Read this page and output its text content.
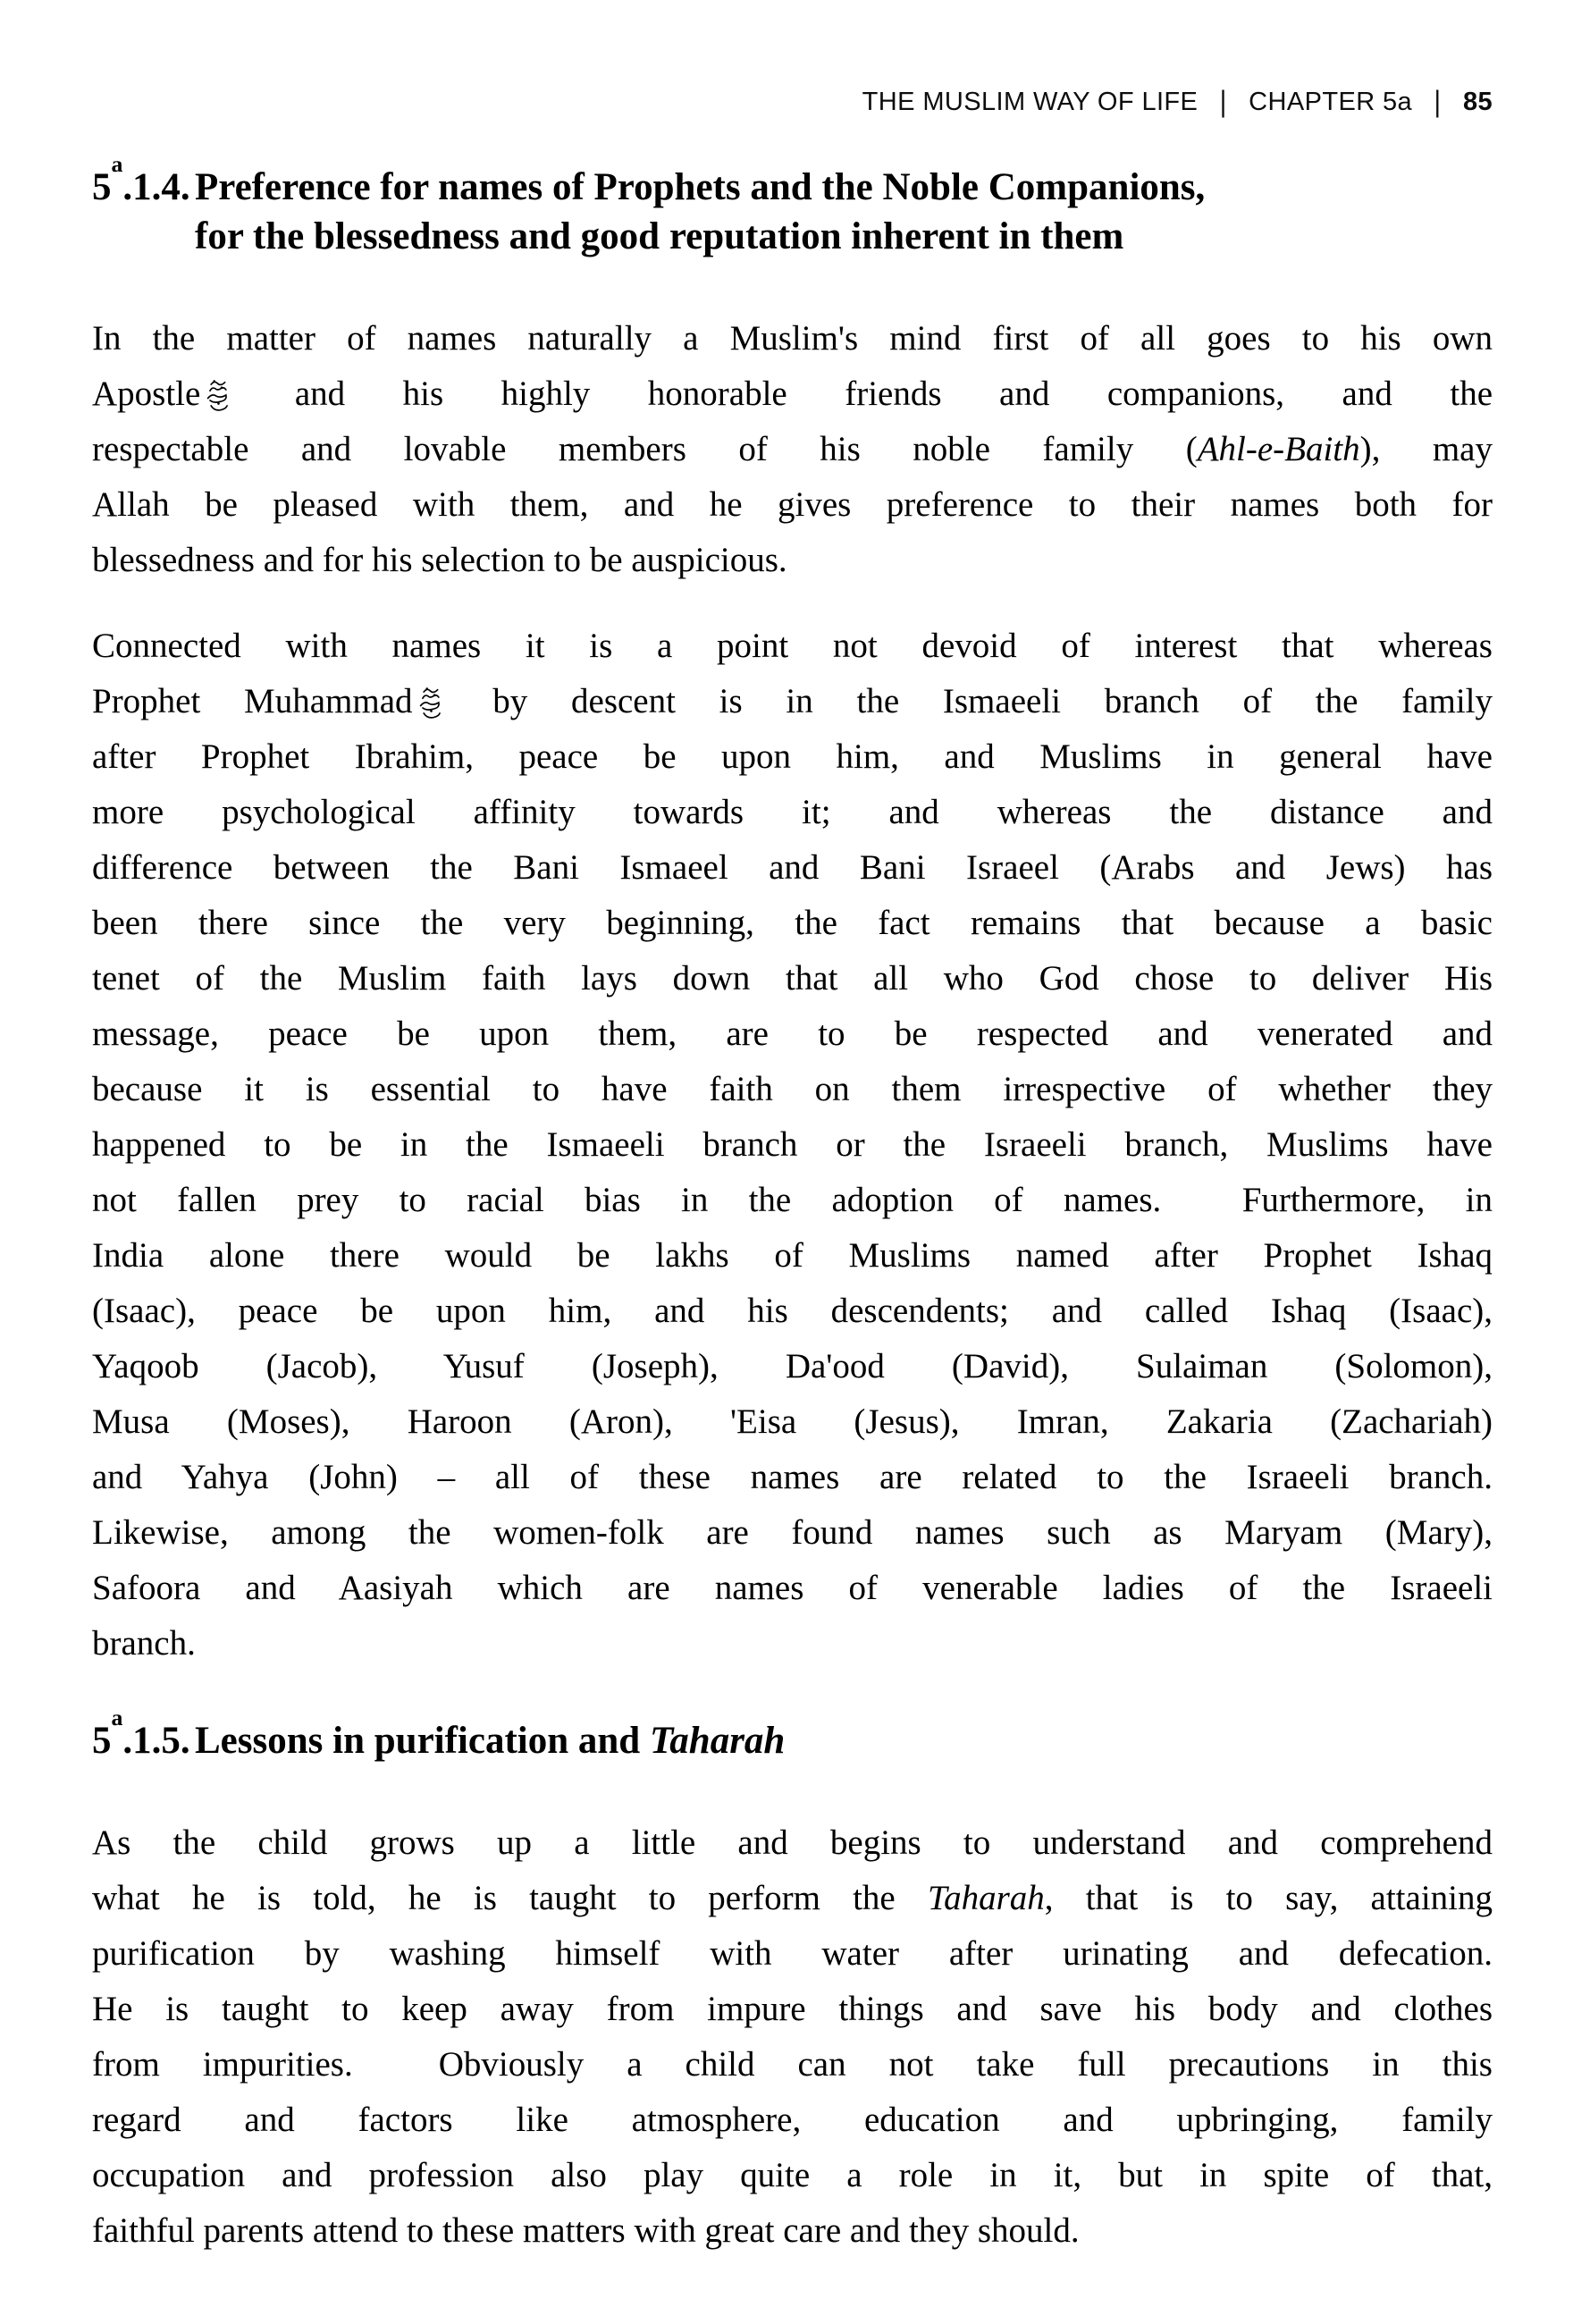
THE MUSLIM WAY OF LIFE | CHAPTER 5a | 85
5$^a$.1.4. Preference for names of Prophets and the Noble Companions,
for the blessedness and good reputation inherent in them

In the matter of names naturally a Muslim's mind first of all goes to his own
Apostle and his highly honorable friends and companions, and the
respectable and lovable members of his noble family (Ahl-e-Baith), may
Allah be pleased with them, and he gives preference to their names both for
blessedness and for his selection to be auspicious.

Connected with names it is a point not devoid of interest that whereas
Prophet Muhammad by descent is in the Ismaeeli branch of the family
after Prophet Ibrahim, peace be upon him, and Muslims in general have
more psychological affinity towards it; and whereas the distance and
difference between the Bani Ismaeel and Bani Israeel (Arabs and Jews) has
been there since the very beginning, the fact remains that because a basic
tenet of the Muslim faith lays down that all who God chose to deliver His
message, peace be upon them, are to be respected and venerated and
because it is essential to have faith on them irrespective of whether they
happened to be in the Ismaeeli branch or the Israeeli branch, Muslims have
not fallen prey to racial bias in the adoption of names.  Furthermore, in
India alone there would be lakhs of Muslims named after Prophet Ishaq
(Isaac), peace be upon him, and his descendents; and called Ishaq (Isaac),
Yaqoob (Jacob), Yusuf (Joseph), Da'ood (David), Sulaiman (Solomon),
Musa (Moses), Haroon (Aron), 'Eisa (Jesus), Imran, Zakaria (Zachariah)
and Yahya (John) – all of these names are related to the Israeeli branch.
Likewise, among the women-folk are found names such as Maryam (Mary),
Safoora and Aasiyah which are names of venerable ladies of the Israeeli
branch.

5$^a$.1.5. Lessons in purification and Taharah

As the child grows up a little and begins to understand and comprehend
what he is told, he is taught to perform the Taharah, that is to say, attaining
purification by washing himself with water after urinating and defecation.
He is taught to keep away from impure things and save his body and clothes
from impurities.  Obviously a child can not take full precautions in this
regard and factors like atmosphere, education and upbringing, family
occupation and profession also play quite a role in it, but in spite of that,
faithful parents attend to these matters with great care and they should.
